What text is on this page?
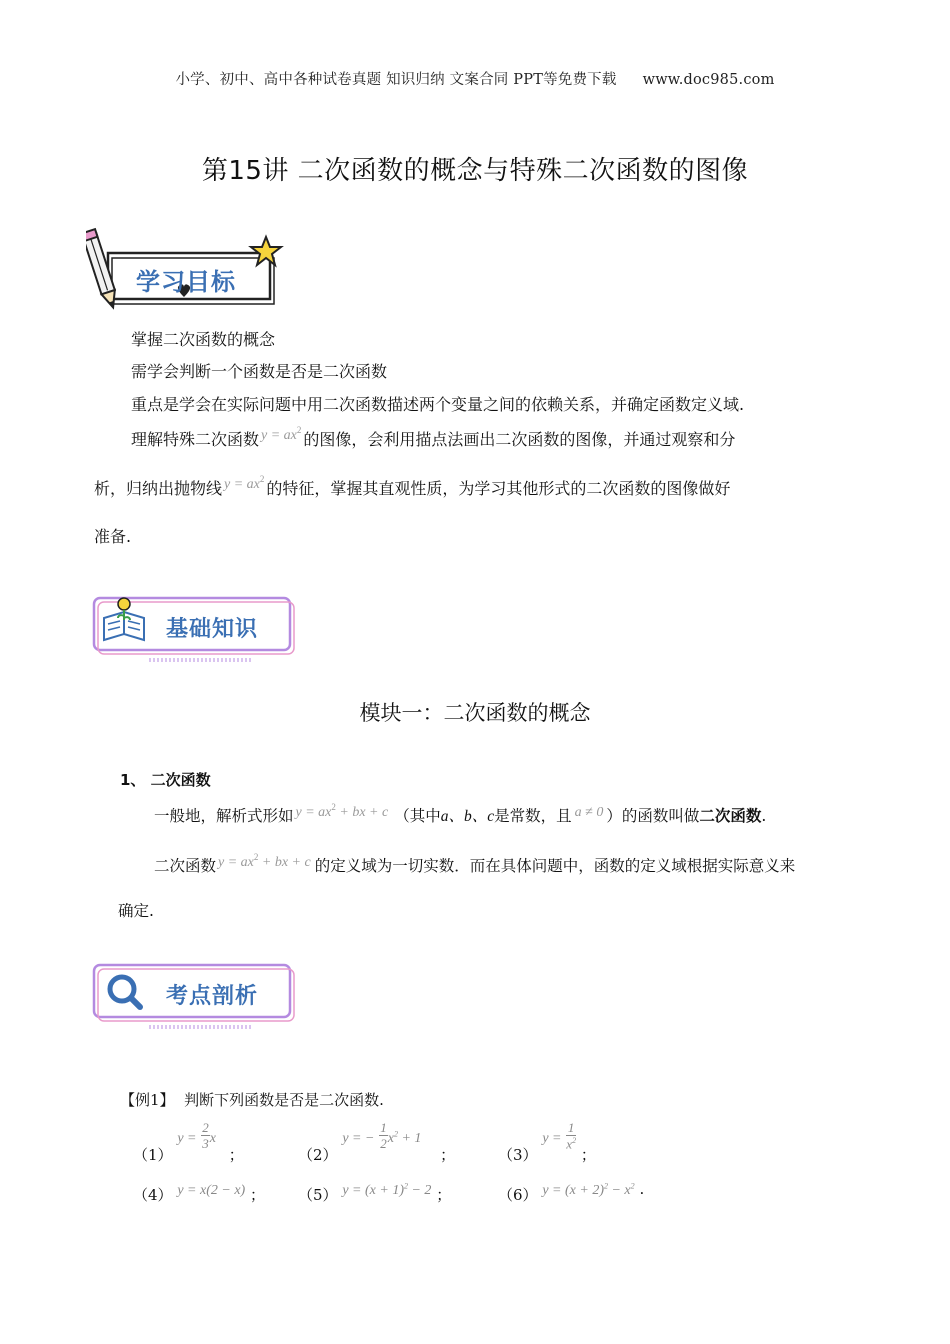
小学、初中、高中各种试卷真题 知识归纳 文案合同 PPT等免费下载 www.doc985.com
第15讲 二次函数的概念与特殊二次函数的图像
学习目标
掌握二次函数的概念
需学会判断一个函数是否是二次函数
重点是学会在实际问题中用二次函数描述两个变量之间的依赖关系，并确定函数定义域.
理解特殊二次函数 $y = ax^2$ 的图像，会利用描点法画出二次函数的图像，并通过观察和分
析，归纳出抛物线 $y = ax^2$ 的特征，掌握其直观性质，为学习其他形式的二次函数的图像做好
准备.
基础知识
模块一：二次函数的概念
1、 二次函数
一般地，解析式形如 $y = ax^2$ + bx + c （其中a、b、c是常数，且 a ≠ 0 ）的函数叫做二次函数.
二次函数 $y = ax^2$ + bx + c 的定义域为一切实数．而在具体问题中，函数的定义域根据实际意义来
确定.
考点剖析
【例1】 判断下列函数是否是二次函数.
（1） $y = \frac{2}{3}$ x ；	（2） y = − $\frac{1}{2} x^2 + 1$ ；	（3） $y = \frac{1}{x^2}$
；
（4） y = x(2 − x) ； （5） $y = (x + 1)^2 - 2$ ；	（6） $y = (x + 2)^2 - x^2$ .
